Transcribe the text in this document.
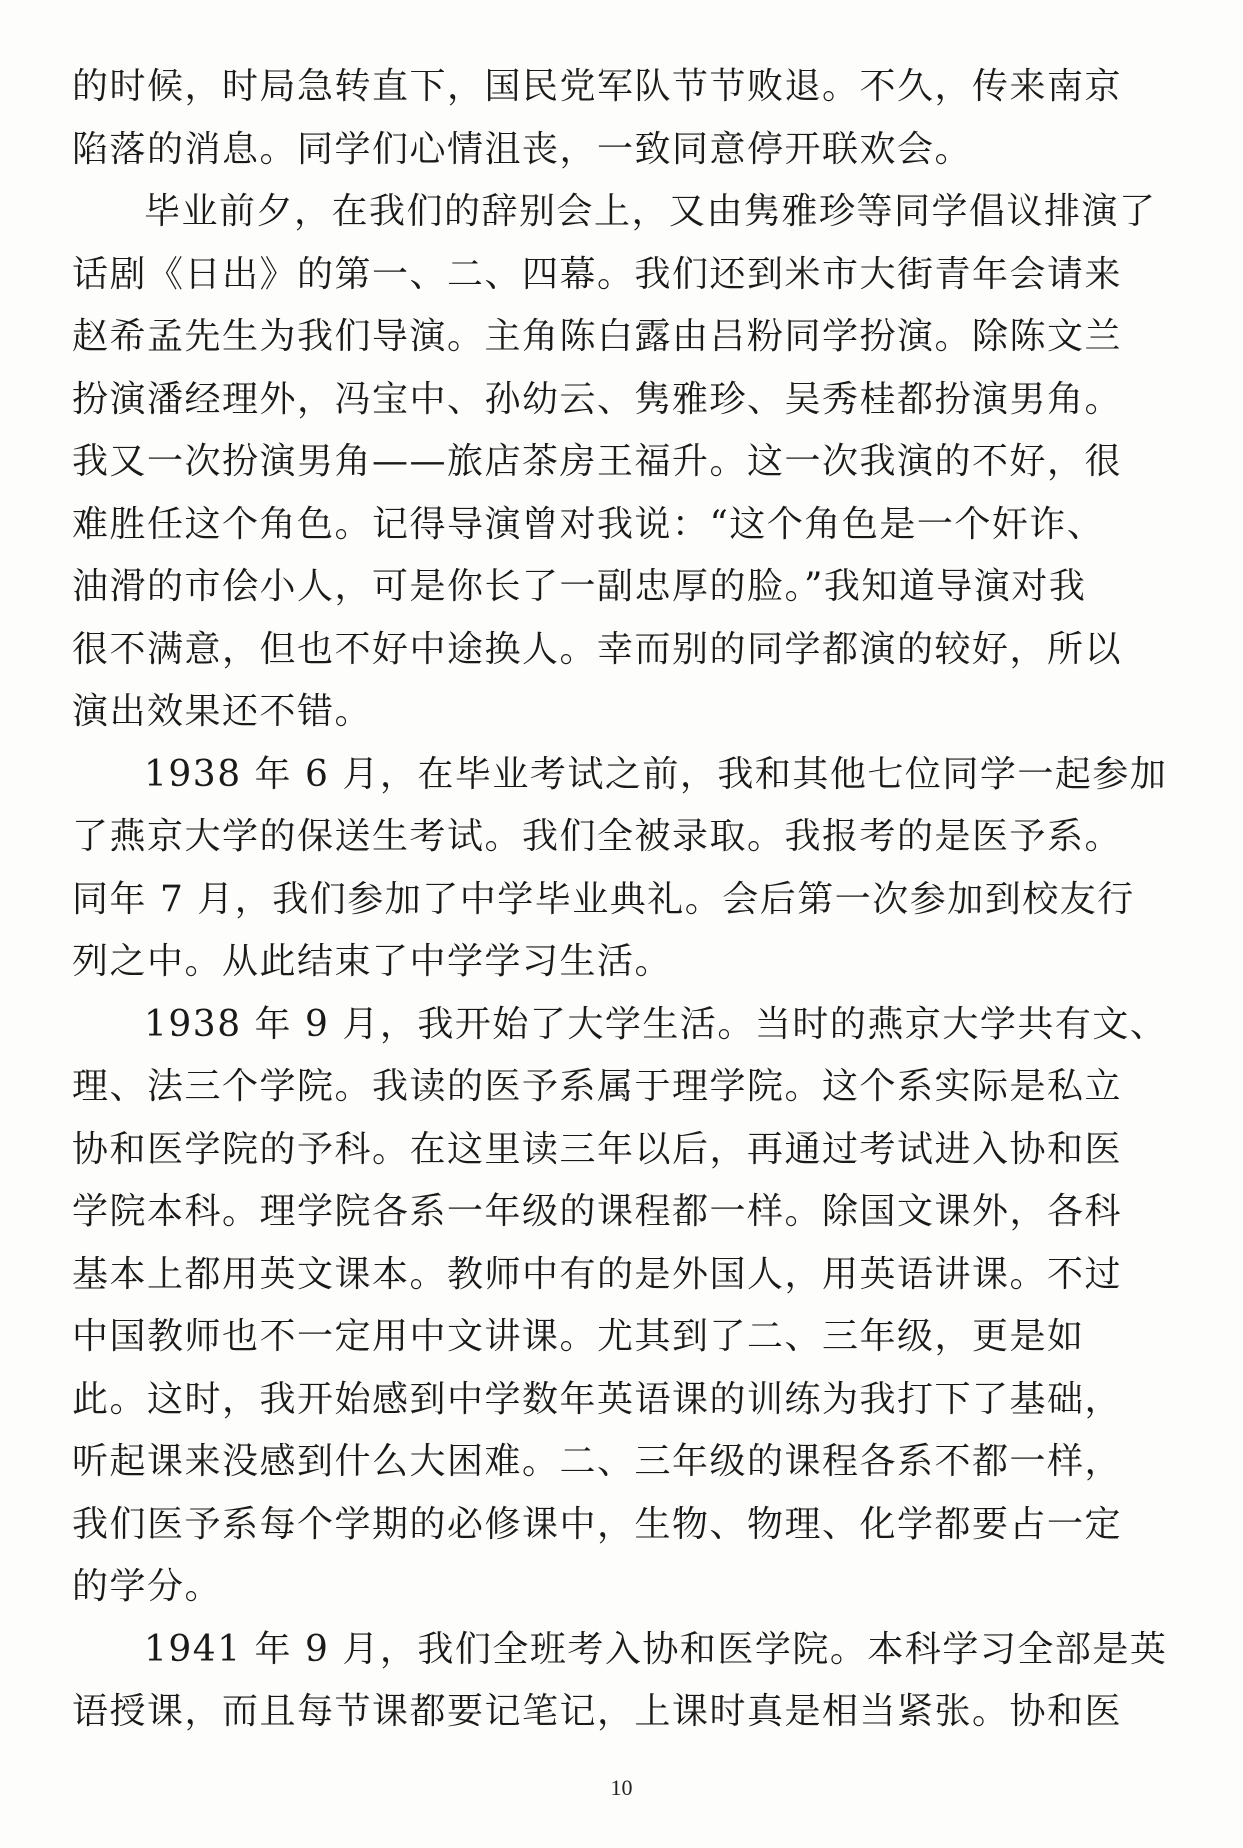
的时候，时局急转直下，国民党军队节节败退。不久，传来南京
陷落的消息。同学们心情沮丧，一致同意停开联欢会。
毕业前夕，在我们的辞别会上，又由隽雅珍等同学倡议排演了
话剧《日出》的第一、二、四幕。我们还到米市大街青年会请来
赵希孟先生为我们导演。主角陈白露由吕粉同学扮演。除陈文兰
扮演潘经理外，冯宝中、孙幼云、隽雅珍、吴秀桂都扮演男角。
我又一次扮演男角——旅店茶房王福升。这一次我演的不好，很
难胜任这个角色。记得导演曾对我说：“这个角色是一个奸诈、
油滑的市侩小人，可是你长了一副忠厚的脸。”我知道导演对我
很不满意，但也不好中途换人。幸而别的同学都演的较好，所以
演出效果还不错。
1938 年 6 月，在毕业考试之前，我和其他七位同学一起参加
了燕京大学的保送生考试。我们全被录取。我报考的是医予系。
同年 7 月，我们参加了中学毕业典礼。会后第一次参加到校友行
列之中。从此结束了中学学习生活。
1938 年 9 月，我开始了大学生活。当时的燕京大学共有文、
理、法三个学院。我读的医予系属于理学院。这个系实际是私立
协和医学院的予科。在这里读三年以后，再通过考试进入协和医
学院本科。理学院各系一年级的课程都一样。除国文课外，各科
基本上都用英文课本。教师中有的是外国人，用英语讲课。不过
中国教师也不一定用中文讲课。尤其到了二、三年级，更是如
此。这时，我开始感到中学数年英语课的训练为我打下了基础，
听起课来没感到什么大困难。二、三年级的课程各系不都一样，
我们医予系每个学期的必修课中，生物、物理、化学都要占一定
的学分。
1941 年 9 月，我们全班考入协和医学院。本科学习全部是英
语授课，而且每节课都要记笔记，上课时真是相当紧张。协和医
10
